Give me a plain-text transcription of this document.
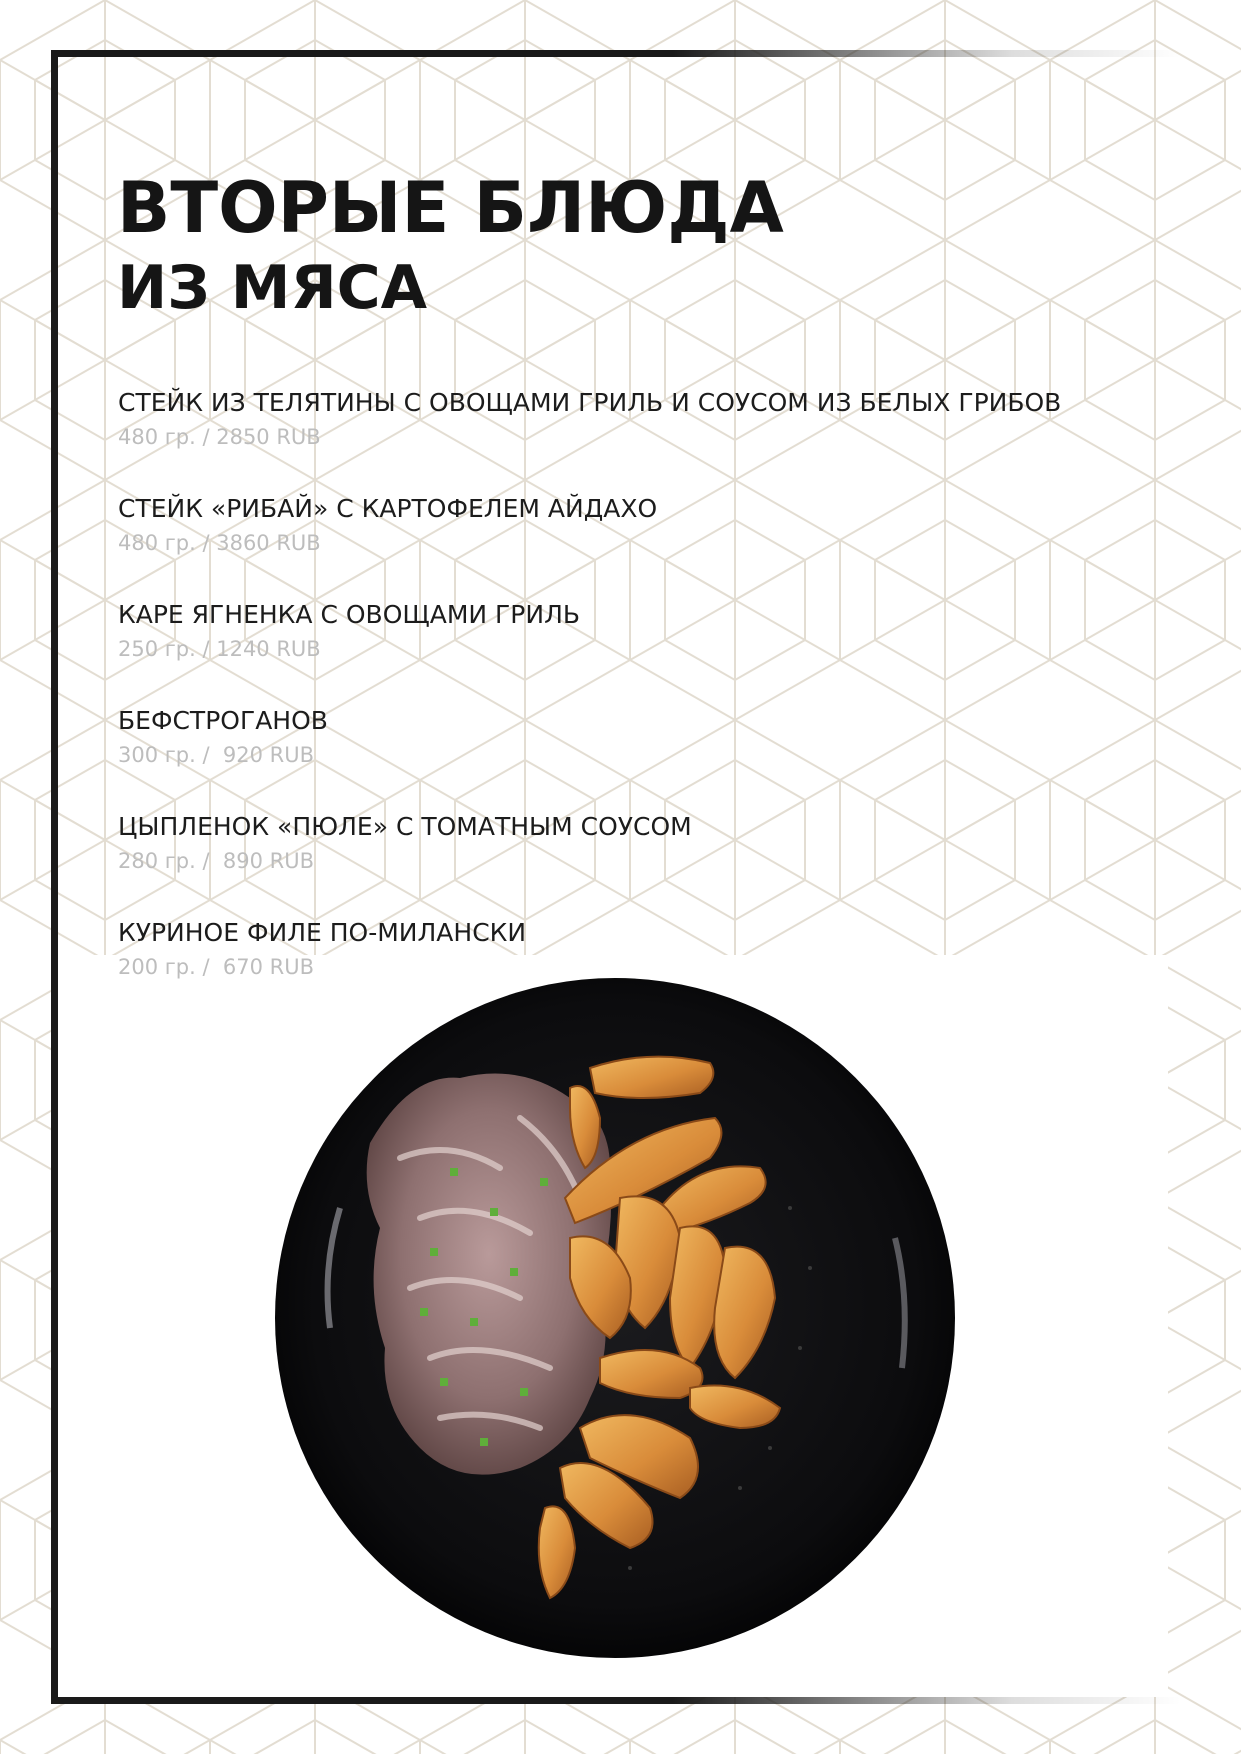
ВТОРЫЕ БЛЮДА
ИЗ МЯСА
СТЕЙК ИЗ ТЕЛЯТИНЫ С ОВОЩАМИ ГРИЛЬ И СОУСОМ ИЗ БЕЛЫХ ГРИБОВ
480 гр. / 2850 RUB
СТЕЙК «РИБАЙ» С КАРТОФЕЛЕМ АЙДАХО
480 гр. / 3860 RUB
КАРЕ ЯГНЕНКА С ОВОЩАМИ ГРИЛЬ
250 гр. / 1240 RUB
БЕФСТРОГАНОВ
300 гр. /  920 RUB
ЦЫПЛЕНОК «ПЮЛЕ» С ТОМАТНЫМ СОУСОМ
280 гр. /  890 RUB
КУРИНОЕ ФИЛЕ ПО-МИЛАНСКИ
200 гр. /  670 RUB
